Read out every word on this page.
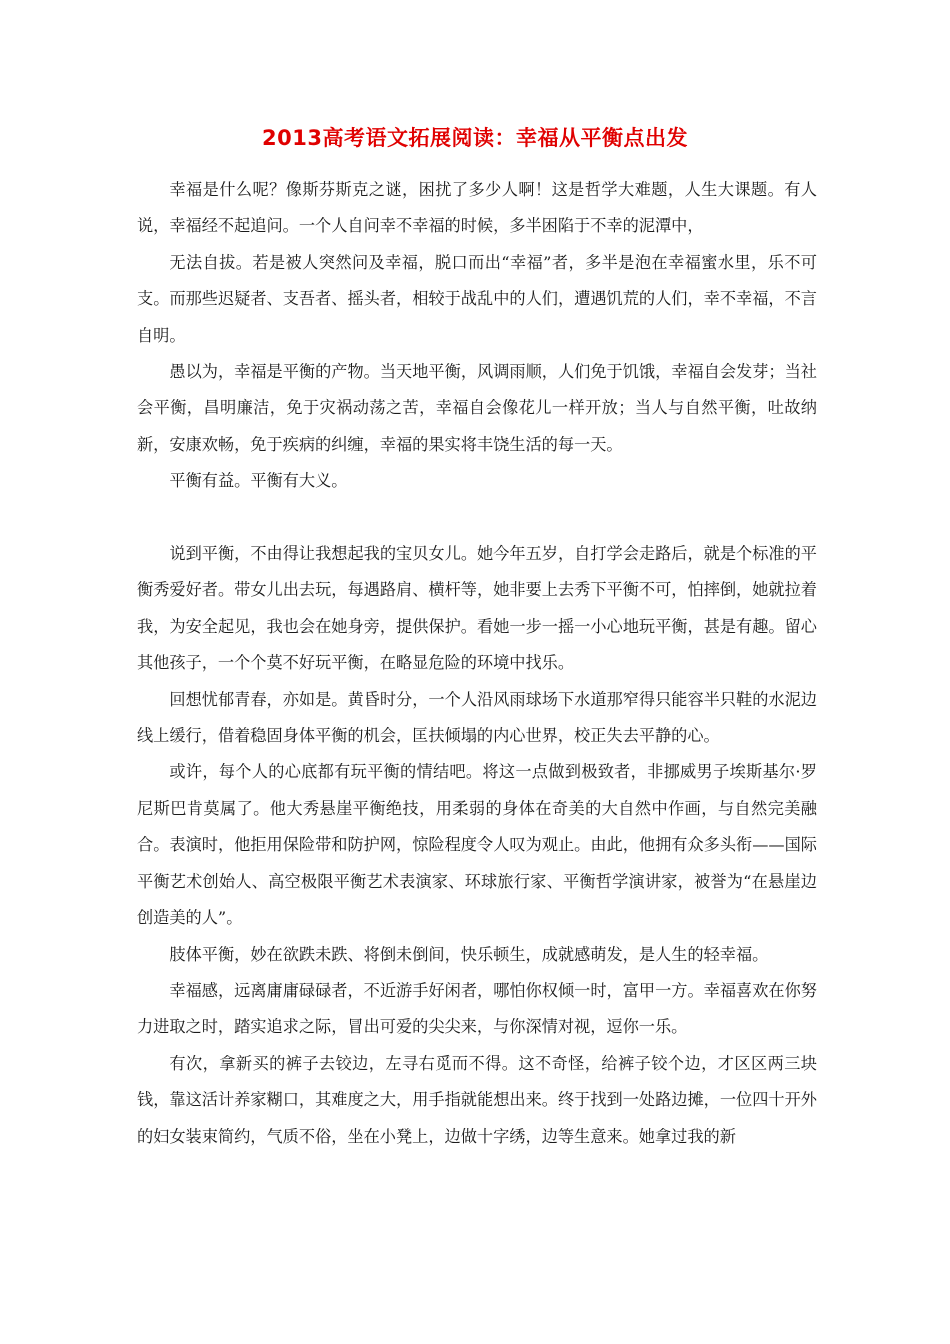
2013高考语文拓展阅读：幸福从平衡点出发

幸福是什么呢？像斯芬斯克之谜，困扰了多少人啊！这是哲学大难题，人生大课题。有人说，幸福经不起追问。一个人自问幸不幸福的时候，多半困陷于不幸的泥潭中，

无法自拔。若是被人突然问及幸福，脱口而出“幸福”者，多半是泡在幸福蜜水里，乐不可支。而那些迟疑者、支吾者、摇头者，相较于战乱中的人们，遭遇饥荒的人们，幸不幸福，不言自明。

愚以为，幸福是平衡的产物。当天地平衡，风调雨顺，人们免于饥饿，幸福自会发芽；当社会平衡，昌明廉洁，免于灾祸动荡之苦，幸福自会像花儿一样开放；当人与自然平衡，吐故纳新，安康欢畅，免于疾病的纠缠，幸福的果实将丰饶生活的每一天。

平衡有益。平衡有大义。

说到平衡，不由得让我想起我的宝贝女儿。她今年五岁，自打学会走路后，就是个标准的平衡秀爱好者。带女儿出去玩，每遇路肩、横杆等，她非要上去秀下平衡不可，怕摔倒，她就拉着我，为安全起见，我也会在她身旁，提供保护。看她一步一摇一小心地玩平衡，甚是有趣。留心其他孩子，一个个莫不好玩平衡，在略显危险的环境中找乐。

回想忧郁青春，亦如是。黄昏时分，一个人沿风雨球场下水道那窄得只能容半只鞋的水泥边线上缓行，借着稳固身体平衡的机会，匡扶倾塌的内心世界，校正失去平静的心。

或许，每个人的心底都有玩平衡的情结吧。将这一点做到极致者，非挪威男子埃斯基尔·罗尼斯巴肯莫属了。他大秀悬崖平衡绝技，用柔弱的身体在奇美的大自然中作画，与自然完美融合。表演时，他拒用保险带和防护网，惊险程度令人叹为观止。由此，他拥有众多头衔——国际平衡艺术创始人、高空极限平衡艺术表演家、环球旅行家、平衡哲学演讲家，被誉为“在悬崖边创造美的人”。

肢体平衡，妙在欲跌未跌、将倒未倒间，快乐顿生，成就感萌发，是人生的轻幸福。

幸福感，远离庸庸碌碌者，不近游手好闲者，哪怕你权倾一时，富甲一方。幸福喜欢在你努力进取之时，踏实追求之际，冒出可爱的尖尖来，与你深情对视，逗你一乐。

有次，拿新买的裤子去铰边，左寻右觅而不得。这不奇怪，给裤子铰个边，才区区两三块钱，靠这活计养家糊口，其难度之大，用手指就能想出来。终于找到一处路边摊，一位四十开外的妇女装束简约，气质不俗，坐在小凳上，边做十字绣，边等生意来。她拿过我的新
